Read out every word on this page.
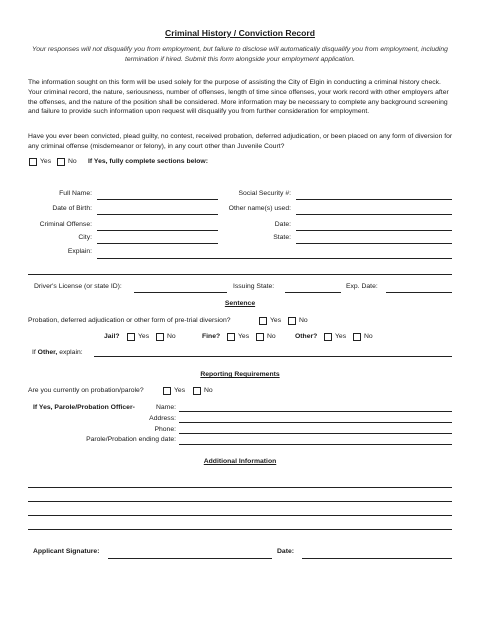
Criminal History / Conviction Record
Your responses will not disqualify you from employment, but failure to disclose will automatically disqualify you from employment, including termination if hired. Submit this form alongside your employment application.
The information sought on this form will be used solely for the purpose of assisting the City of Elgin in conducting a criminal history check. Your criminal record, the nature, seriousness, number of offenses, length of time since offenses, your work record with other employers after the offenses, and the nature of the position shall be considered. More information may be necessary to complete any background screening and failure to provide such information upon request will disqualify you from further consideration for employment.
Have you ever been convicted, plead guilty, no contest, received probation, deferred adjudication, or been placed on any form of diversion for any criminal offense (misdemeanor or felony), in any court other than Juvenile Court?
Yes No If Yes, fully complete sections below:
Full Name:	Social Security #:
Date of Birth:	Other name(s) used:
Criminal Offense:	Date:
City:	State:
Explain:
Driver's License (or state ID):	Issuing State:	Exp. Date:
Sentence
Probation, deferred adjudication or other form of pre-trial diversion?	Yes	No
Jail?	Yes	No	Fine?	Yes	No	Other?	Yes	No
If Other, explain:
Reporting Requirements
Are you currently on probation/parole?	Yes	No
If Yes, Parole/Probation Officer-	Name:
Address:
Phone:
Parole/Probation ending date:
Additional Information
Applicant Signature:	Date:
